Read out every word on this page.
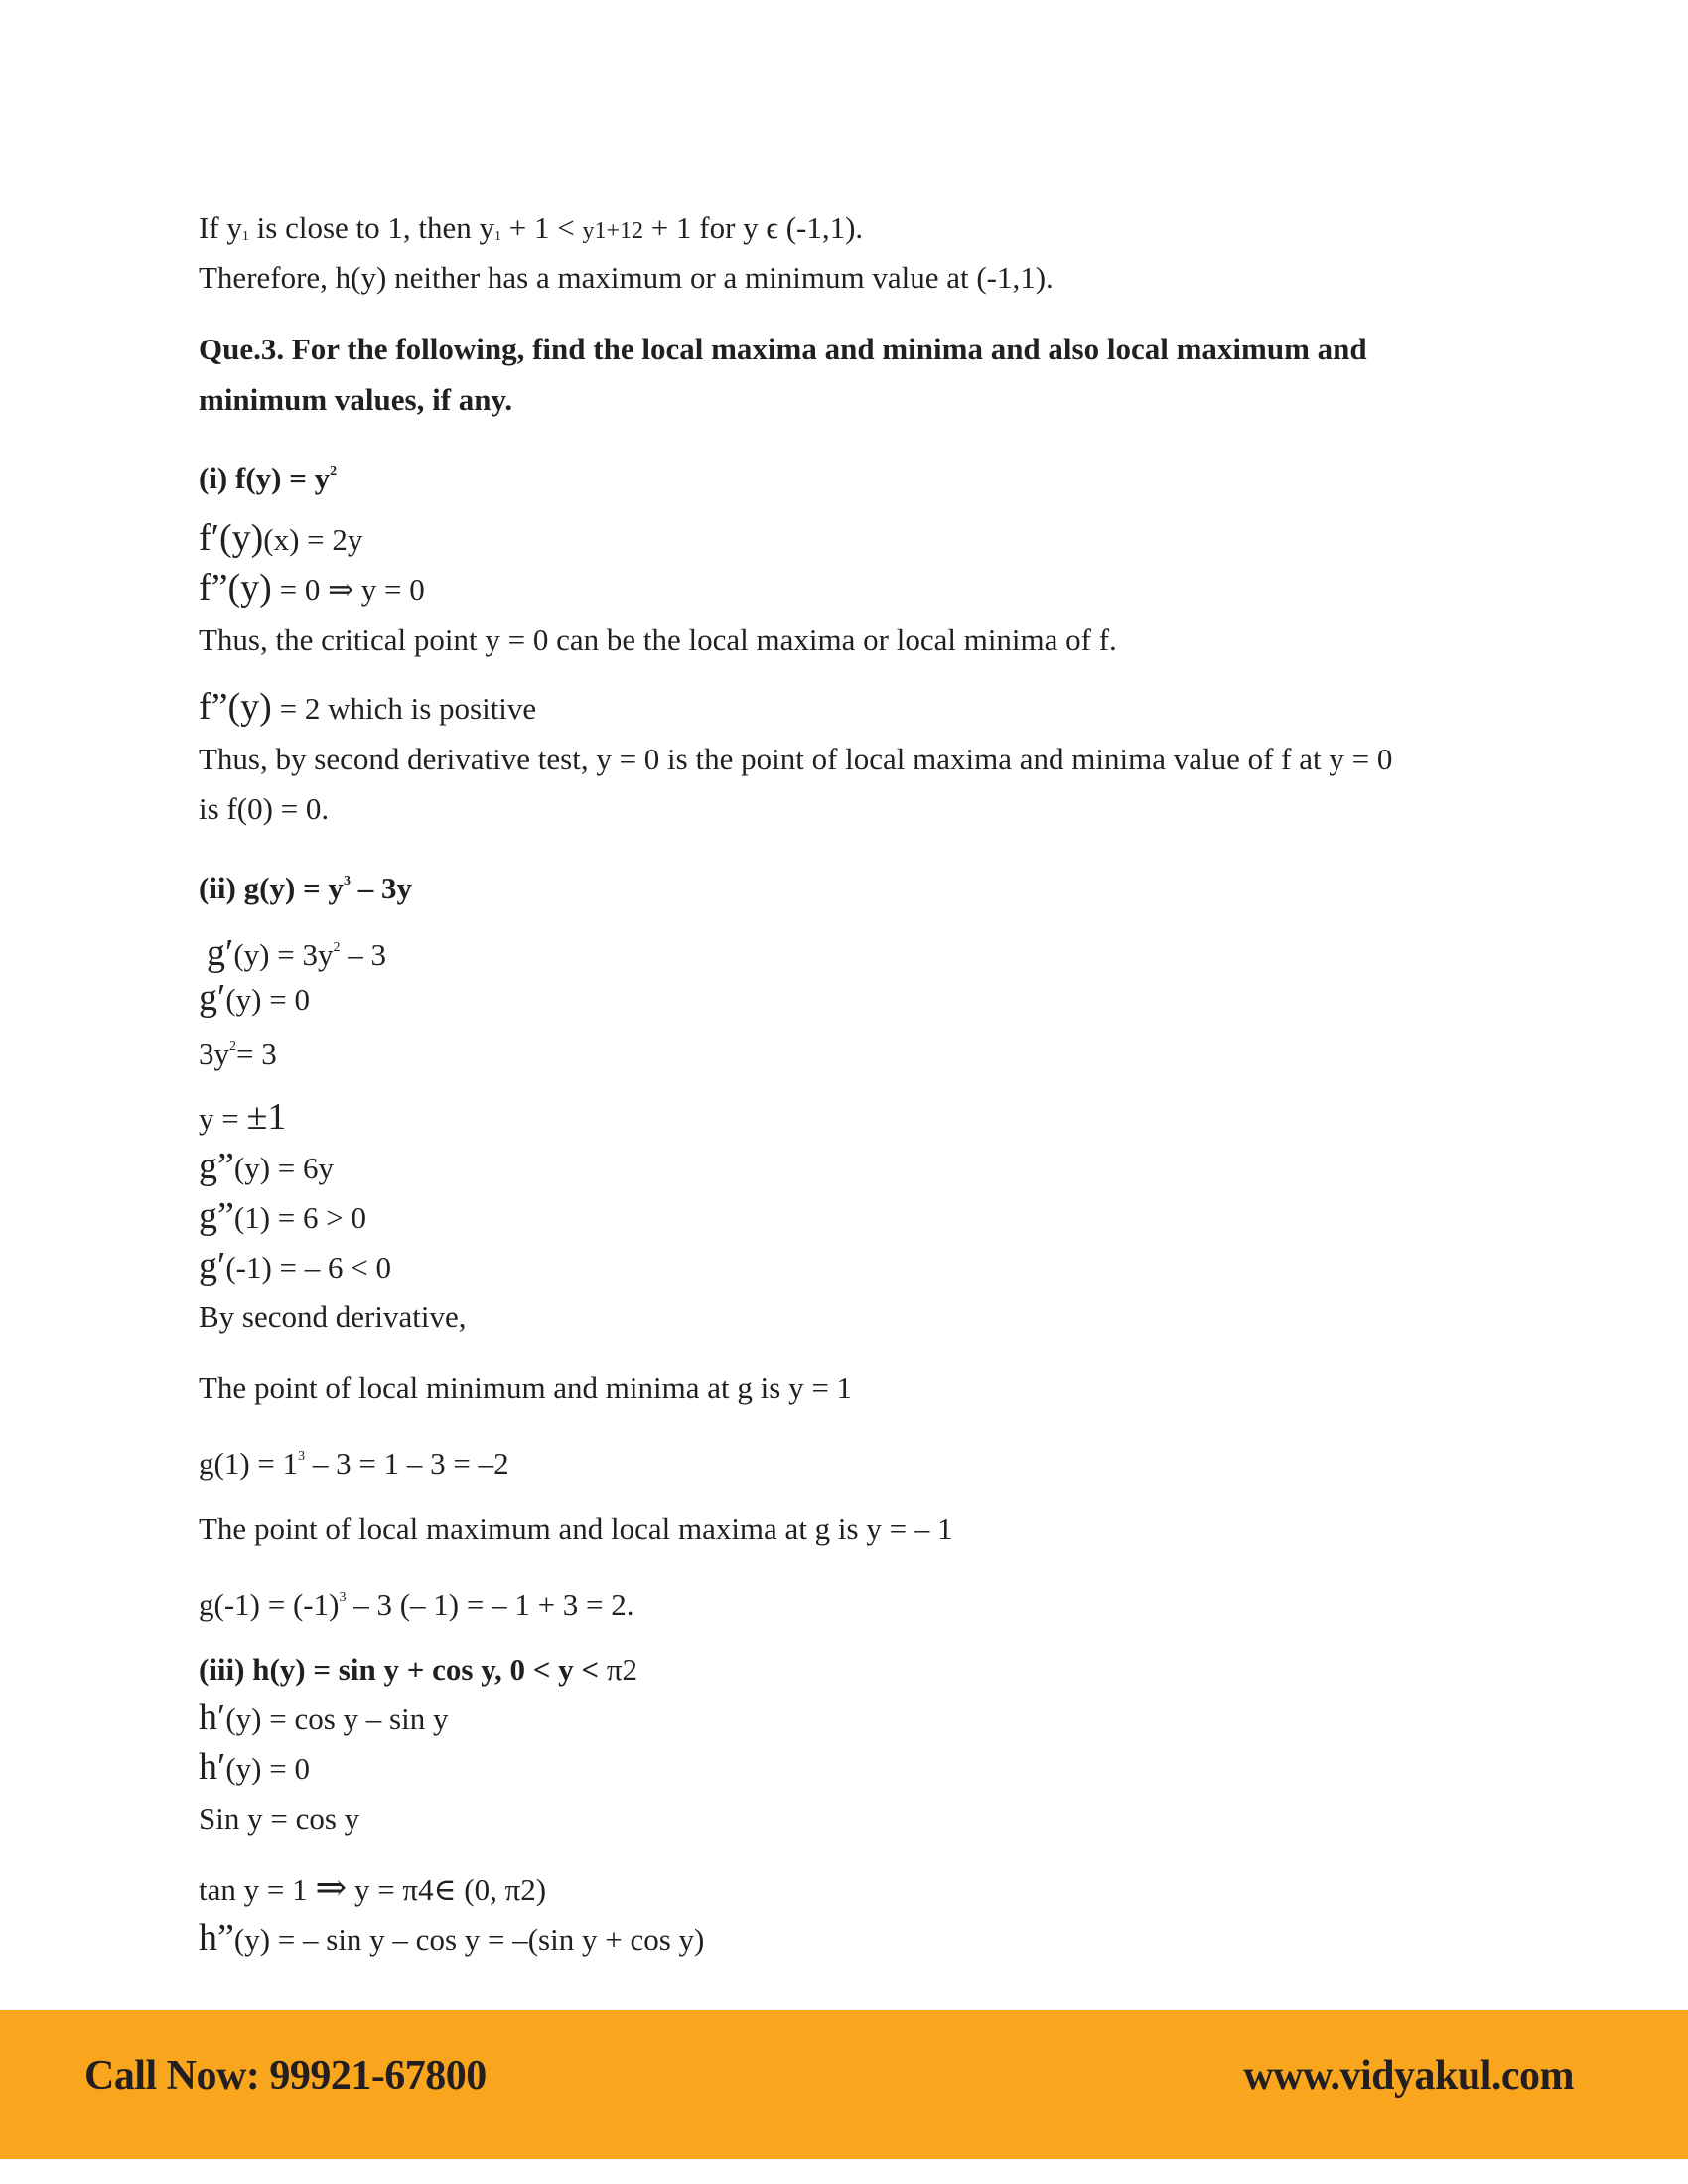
If $y_1$ is close to 1, then $y_1 + 1 < y1+12 + 1$ for y ϵ (-1,1).
Therefore, h(y) neither has a maximum or a minimum value at (-1,1).
Que.3. For the following, find the local maxima and minima and also local maximum and
minimum values, if any.
(i) $f(y) = y^2$
f′(y)(x) = 2y
f”(y) = 0 ⇒ y = 0
Thus, the critical point y = 0 can be the local maxima or local minima of f.
f”(y) = 2 which is positive
Thus, by second derivative test, y = 0 is the point of local maxima and minima value of f at y = 0
is f(0) = 0.
(ii) $g(y) = y^3 - 3y$
$g'(y) = 3y^2 - 3$
g′(y) = 0
$3y^2= 3$
y = ±1
g”(y) = 6y
g”(1) = 6 > 0
g′(-1) = – 6 < 0
By second derivative,
The point of local minimum and minima at g is y = 1
$g(1) = 1^3 - 3 = 1 - 3 = -2$
The point of local maximum and local maxima at g is y = – 1
$g(-1) = (-1)^3 - 3$ (– 1) = – 1 + 3 = 2.
(iii) h(y) = sin y + cos y, 0 < y < π2
h′(y) = cos y – sin y
h′(y) = 0
Sin y = cos y
tan y = 1 ⇒ y = π4∈ (0, π2)
h”(y) = – sin y – cos y = –(sin y + cos y)
Call Now: 99921-67800	www.vidyakul.com
